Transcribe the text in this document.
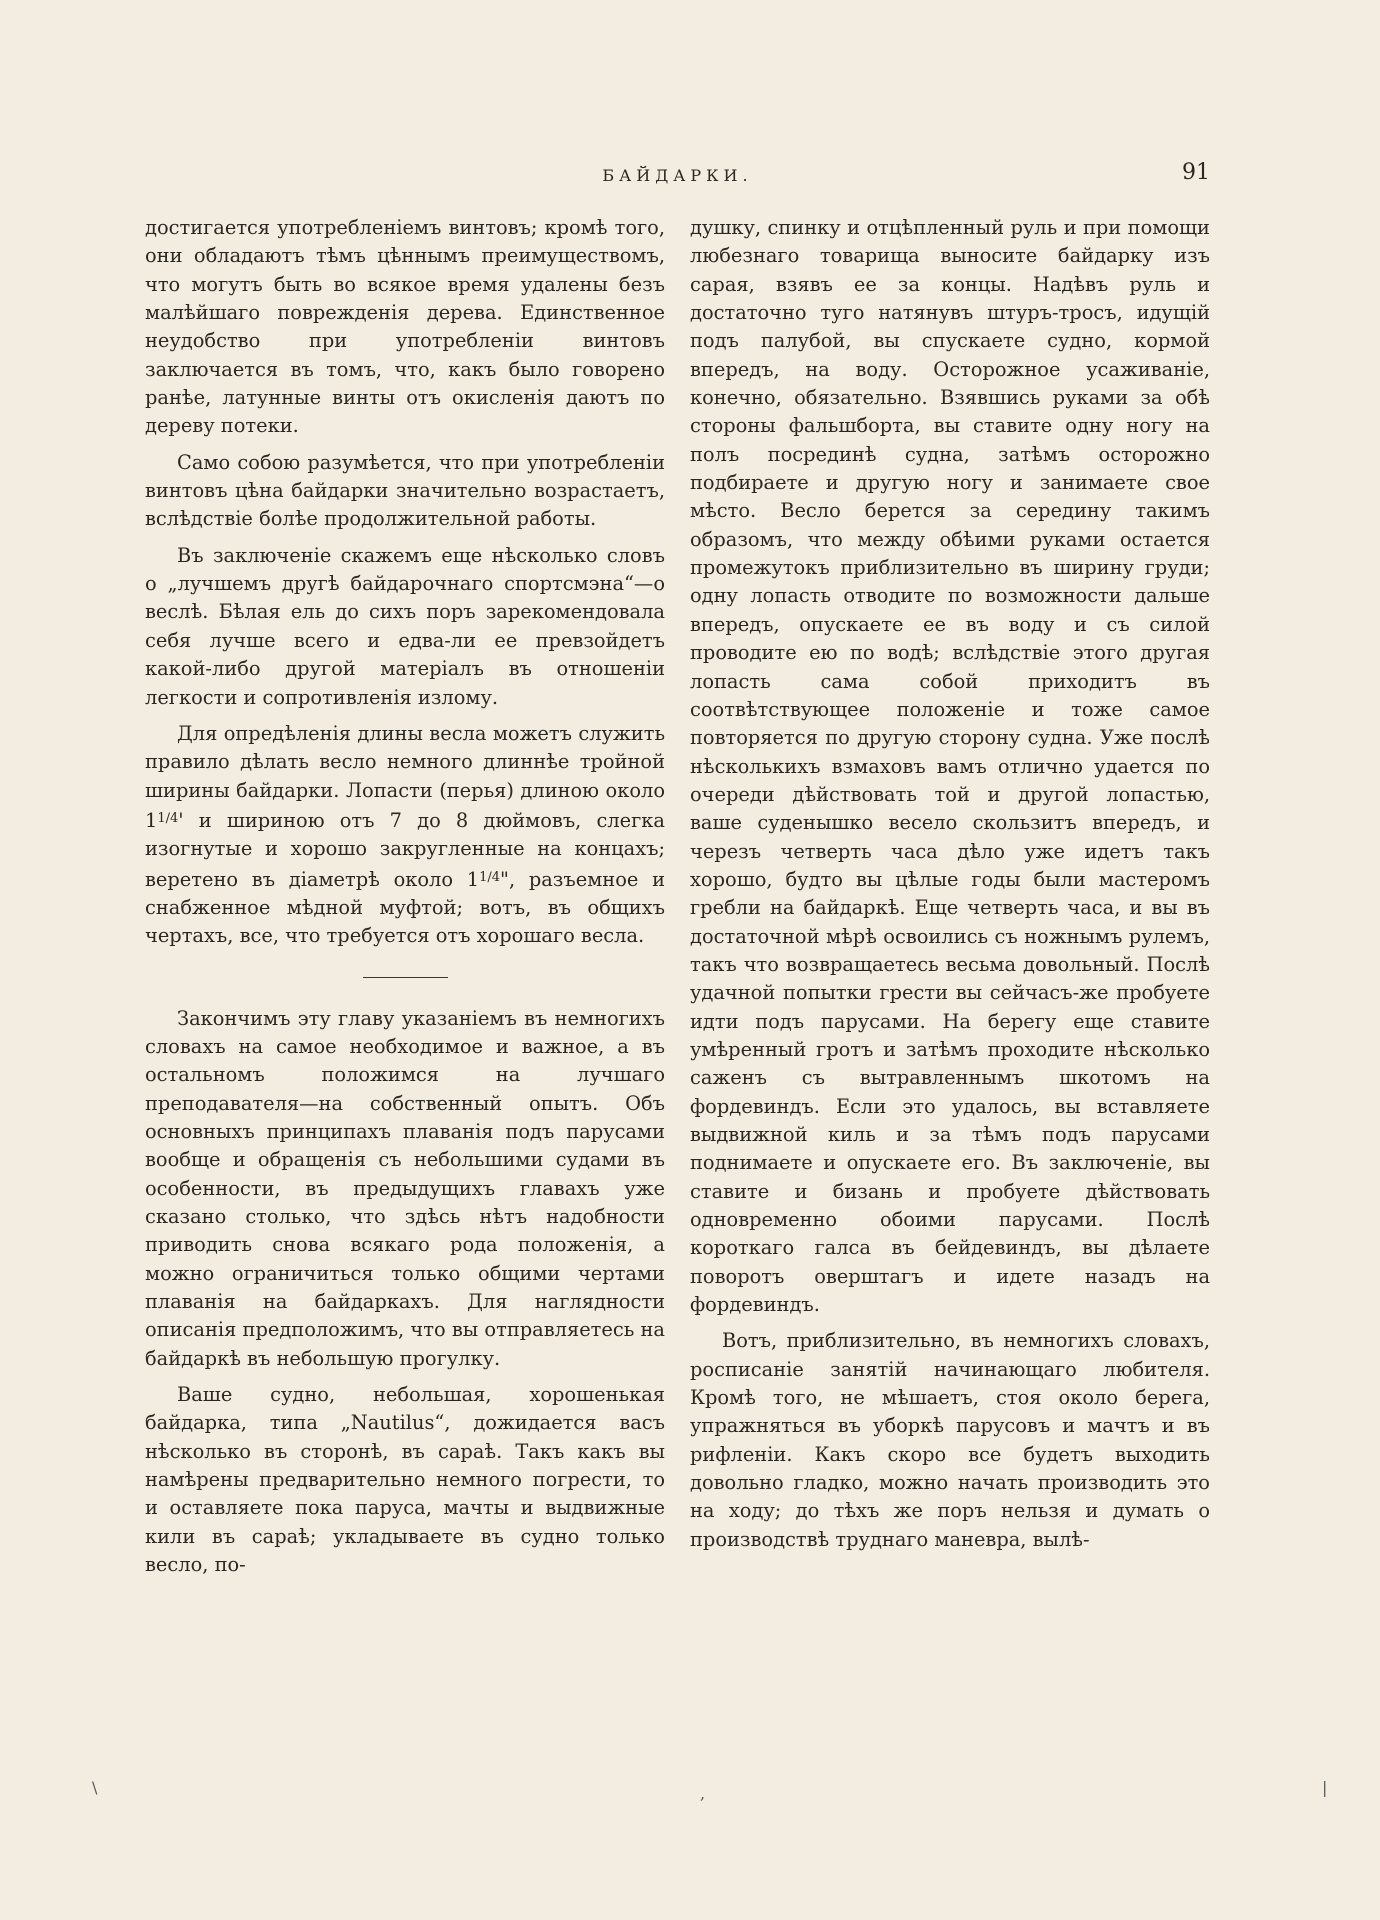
БАЙДАРКИ.	91

достигается употребленіемъ винтовъ; кромѣ того, они обладаютъ тѣмъ цѣннымъ преимуществомъ, что могутъ быть во всякое время удалены безъ малѣйшаго поврежденія дерева. Единственное неудобство при употребленіи винтовъ заключается въ томъ, что, какъ было говорено ранѣе, латунные винты отъ окисленія даютъ по дереву потеки.

Само собою разумѣется, что при употребленіи винтовъ цѣна байдарки значительно возрастаетъ, вслѣдствіе болѣе продолжительной работы.

Въ заключеніе скажемъ еще нѣсколько словъ о „лучшемъ другѣ байдарочнаго спортсмэна“—о веслѣ. Бѣлая ель до сихъ поръ зарекомендовала себя лучше всего и едва-ли ее превзойдетъ какой-либо другой матеріалъ въ отношеніи легкости и сопротивленія излому.

Для опредѣленія длины весла можетъ служить правило дѣлать весло немного длиннѣе тройной ширины байдарки. Лопасти (перья) длиною около $1^{1/4}'$ и шириною отъ 7 до 8 дюймовъ, слегка изогнутые и хорошо закругленные на концахъ; веретено въ діаметрѣ около $1^{1/4}$", разъемное и снабженное мѣдной муфтой; вотъ, въ общихъ чертахъ, все, что требуется отъ хорошаго весла.

Закончимъ эту главу указаніемъ въ немногихъ словахъ на самое необходимое и важное, а въ остальномъ положимся на лучшаго преподавателя—на собственный опытъ. Объ основныхъ принципахъ плаванія подъ парусами вообще и обращенія съ небольшими судами въ особенности, въ предыдущихъ главахъ уже сказано столько, что здѣсь нѣтъ надобности приводить снова всякаго рода положенія, а можно ограничиться только общими чертами плаванія на байдаркахъ. Для наглядности описанія предположимъ, что вы отправляетесь на байдаркѣ въ небольшую прогулку.

Ваше судно, небольшая, хорошенькая байдарка, типа „Nautilus“, дожидается васъ нѣсколько въ сторонѣ, въ сараѣ. Такъ какъ вы намѣрены предварительно немного погрести, то и оставляете пока паруса, мачты и выдвижные кили въ сараѣ; укладываете въ судно только весло, по-

душку, спинку и отцѣпленный руль и при помощи любезнаго товарища выносите байдарку изъ сарая, взявъ ее за концы. Надѣвъ руль и достаточно туго натянувъ штуръ-тросъ, идущій подъ палубой, вы спускаете судно, кормой впередъ, на воду. Осторожное усаживаніе, конечно, обязательно. Взявшись руками за обѣ стороны фальшборта, вы ставите одну ногу на полъ посрединѣ судна, затѣмъ осторожно подбираете и другую ногу и занимаете свое мѣсто. Весло берется за середину такимъ образомъ, что между обѣими руками остается промежутокъ приблизительно въ ширину груди; одну лопасть отводите по возможности дальше впередъ, опускаете ее въ воду и съ силой проводите ею по водѣ; вслѣдствіе этого другая лопасть сама собой приходитъ въ соотвѣтствующее положеніе и тоже самое повторяется по другую сторону судна. Уже послѣ нѣсколькихъ взмаховъ вамъ отлично удается по очереди дѣйствовать той и другой лопастью, ваше суденышко весело скользитъ впередъ, и черезъ четверть часа дѣло уже идетъ такъ хорошо, будто вы цѣлые годы были мастеромъ гребли на байдаркѣ. Еще четверть часа, и вы въ достаточной мѣрѣ освоились съ ножнымъ рулемъ, такъ что возвращаетесь весьма довольный. Послѣ удачной попытки грести вы сейчасъ-же пробуете идти подъ парусами. На берегу еще ставите умѣренный гротъ и затѣмъ проходите нѣсколько саженъ съ вытравленнымъ шкотомъ на фордевиндъ. Если это удалось, вы вставляете выдвижной киль и за тѣмъ подъ парусами поднимаете и опускаете его. Въ заключеніе, вы ставите и бизань и пробуете дѣйствовать одновременно обоими парусами. Послѣ короткаго галса въ бейдевиндъ, вы дѣлаете поворотъ оверштагъ и идете назадъ на фордевиндъ.

Вотъ, приблизительно, въ немногихъ словахъ, росписаніе занятій начинающаго любителя. Кромѣ того, не мѣшаетъ, стоя около берега, упражняться въ уборкѣ парусовъ и мачтъ и въ рифленіи. Какъ скоро все будетъ выходить довольно гладко, можно начать производить это на ходу; до тѣхъ же поръ нельзя и думать о производствѣ труднаго маневра, вылѣ-

\	,	|
